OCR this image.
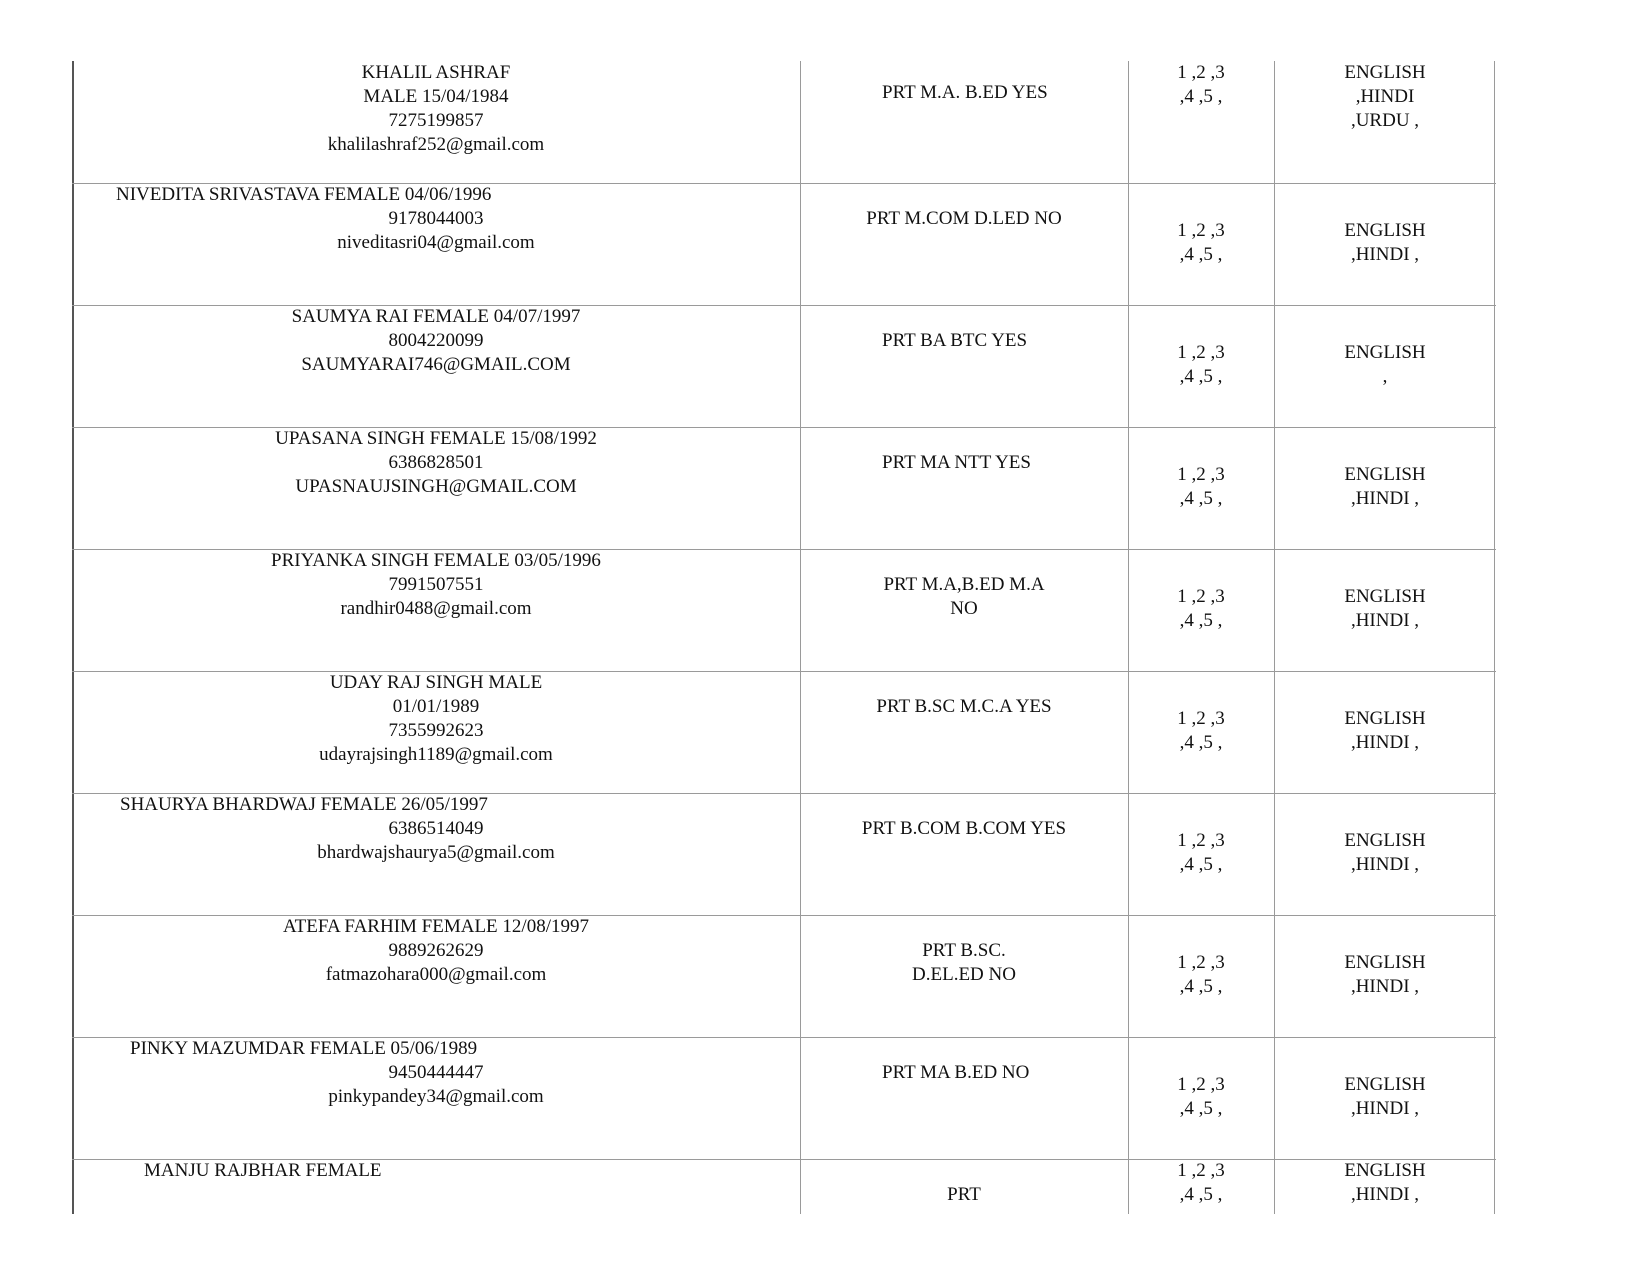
KHALIL ASHRAF
MALE 15/04/1984
7275199857
khalilashraf252@gmail.com
PRT M.A. B.ED YES
1 ,2 ,3
,4 ,5 ,
ENGLISH
,HINDI
,URDU ,
NIVEDITA SRIVASTAVA FEMALE 04/06/1996
9178044003
niveditasri04@gmail.com
PRT M.COM D.LED NO
1 ,2 ,3
,4 ,5 ,
ENGLISH
,HINDI ,
SAUMYA RAI FEMALE 04/07/1997
8004220099
SAUMYARAI746@GMAIL.COM
PRT BA BTC YES
1 ,2 ,3
,4 ,5 ,
ENGLISH
,
UPASANA SINGH FEMALE 15/08/1992
6386828501
UPASNAUJSINGH@GMAIL.COM
PRT MA NTT YES
1 ,2 ,3
,4 ,5 ,
ENGLISH
,HINDI ,
PRIYANKA SINGH FEMALE 03/05/1996
7991507551
randhir0488@gmail.com
PRT M.A,B.ED M.A
NO
1 ,2 ,3
,4 ,5 ,
ENGLISH
,HINDI ,
UDAY RAJ SINGH MALE
01/01/1989
7355992623
udayrajsingh1189@gmail.com
PRT B.SC M.C.A YES
1 ,2 ,3
,4 ,5 ,
ENGLISH
,HINDI ,
SHAURYA BHARDWAJ FEMALE 26/05/1997
6386514049
bhardwajshaurya5@gmail.com
PRT B.COM B.COM YES
1 ,2 ,3
,4 ,5 ,
ENGLISH
,HINDI ,
ATEFA FARHIM FEMALE 12/08/1997
9889262629
fatmazohara000@gmail.com
PRT B.SC.
D.EL.ED NO
1 ,2 ,3
,4 ,5 ,
ENGLISH
,HINDI ,
PINKY MAZUMDAR FEMALE 05/06/1989
9450444447
pinkypandey34@gmail.com
PRT MA B.ED NO
1 ,2 ,3
,4 ,5 ,
ENGLISH
,HINDI ,
MANJU RAJBHAR FEMALE
PRT
1 ,2 ,3
,4 ,5 ,
ENGLISH
,HINDI ,
